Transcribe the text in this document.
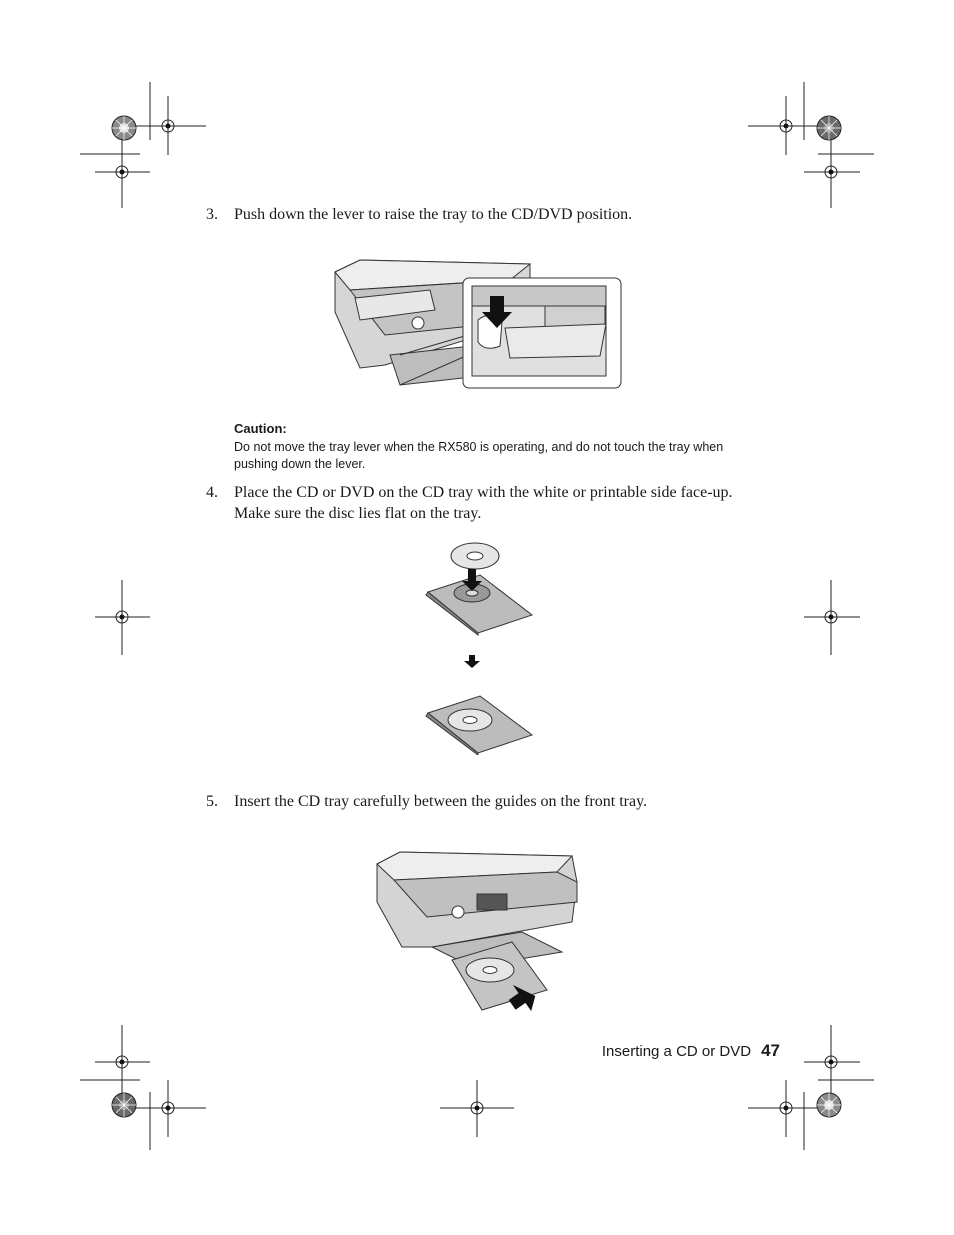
3. Push down the lever to raise the tray to the CD/DVD position.
Caution:
Do not move the tray lever when the RX580 is operating, and do not touch the tray when pushing down the lever.
4. Place the CD or DVD on the CD tray with the white or printable side face-up. Make sure the disc lies flat on the tray.
5. Insert the CD tray carefully between the guides on the front tray.
Inserting a CD or DVD 47
